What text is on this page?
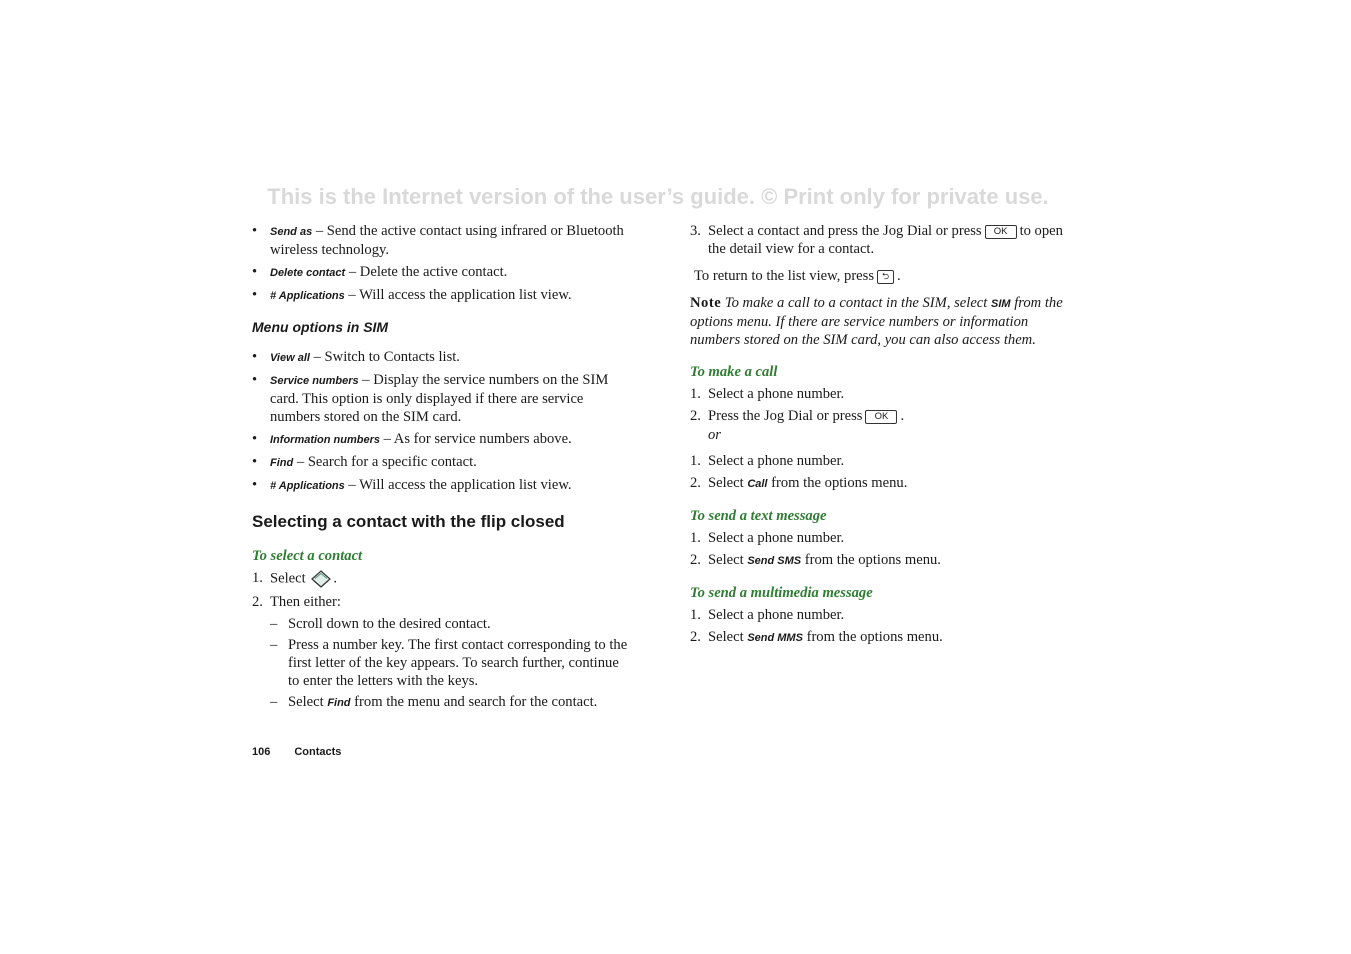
This is the Internet version of the user’s guide. © Print only for private use.
• Send as – Send the active contact using infrared or Bluetooth wireless technology.
• Delete contact – Delete the active contact.
• # Applications – Will access the application list view.
Menu options in SIM
• View all – Switch to Contacts list.
• Service numbers – Display the service numbers on the SIM card. This option is only displayed if there are service numbers stored on the SIM card.
• Information numbers – As for service numbers above.
• Find – Search for a specific contact.
• # Applications – Will access the application list view.
Selecting a contact with the flip closed
To select a contact
1. Select .
2. Then either:
– Scroll down to the desired contact.
– Press a number key. The first contact corresponding to the first letter of the key appears. To search further, continue to enter the letters with the keys.
– Select Find from the menu and search for the contact.
3. Select a contact and press the Jog Dial or press OK to open the detail view for a contact.
To return to the list view, press ⮌ .
Note To make a call to a contact in the SIM, select SIM from the options menu. If there are service numbers or information numbers stored on the SIM card, you can also access them.
To make a call
1. Select a phone number.
2. Press the Jog Dial or press OK .
or
1. Select a phone number.
2. Select Call from the options menu.
To send a text message
1. Select a phone number.
2. Select Send SMS from the options menu.
To send a multimedia message
1. Select a phone number.
2. Select Send MMS from the options menu.
106 Contacts
